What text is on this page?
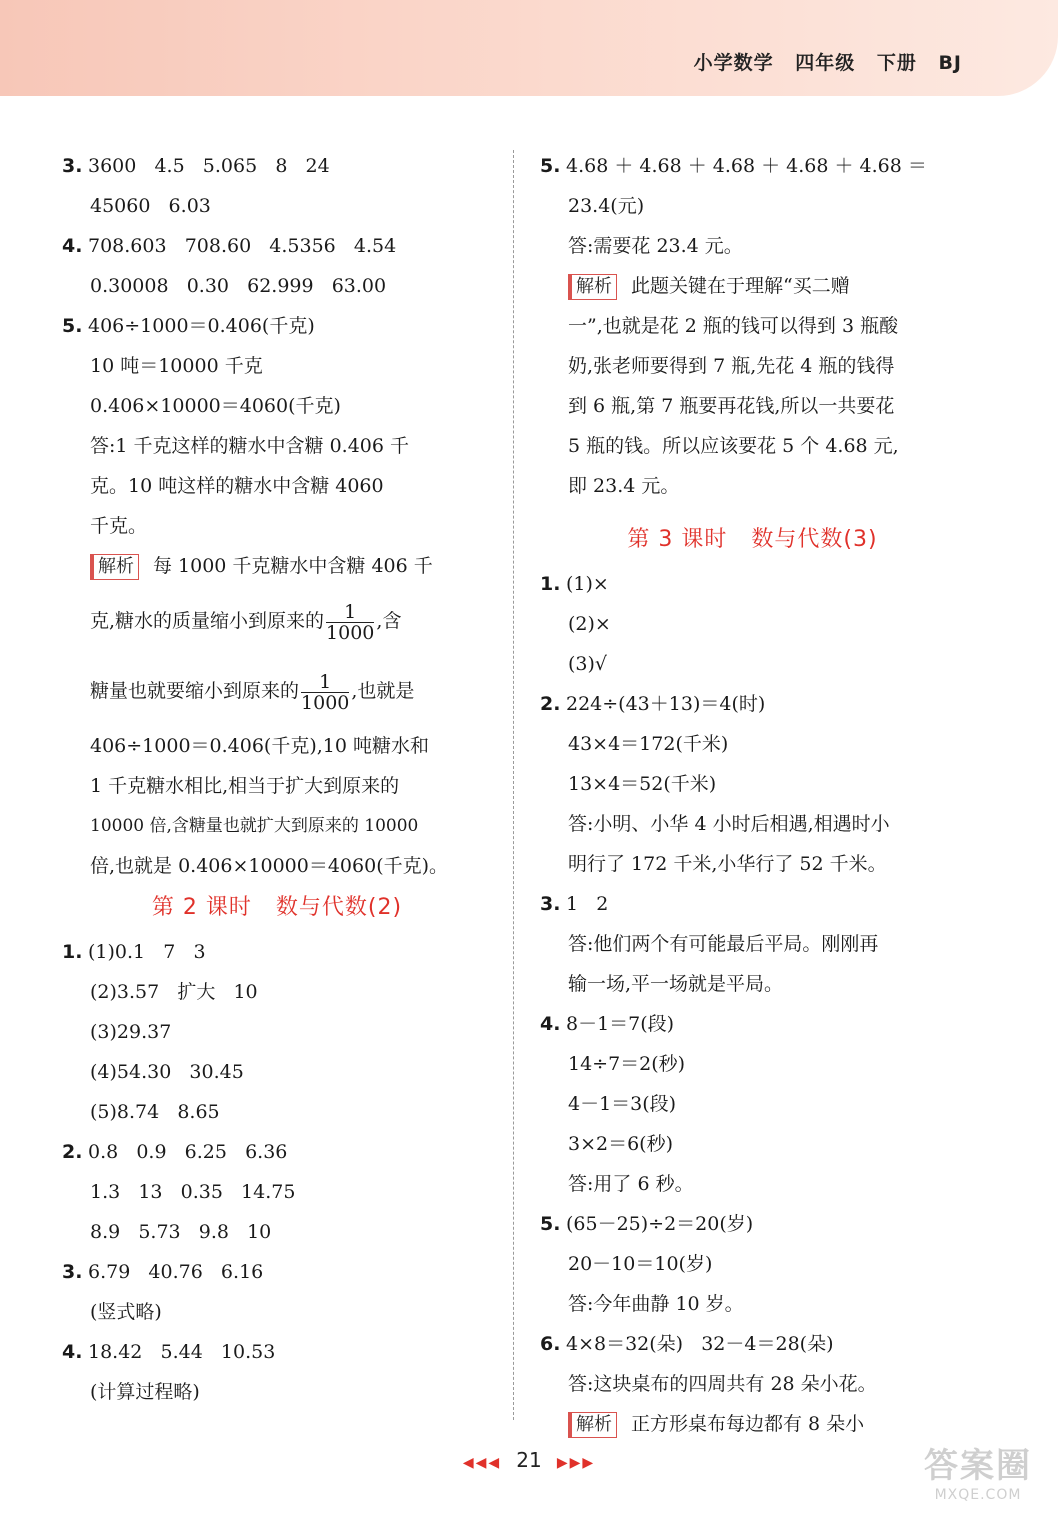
小学数学 四年级 下册 BJ
3. 3600   4.5   5.065   8   24
45060   6.03
4. 708.603   708.60   4.5356   4.54
0.30008   0.30   62.999   63.00
5. 406÷1000＝0.406(千克)
10 吨＝10000 千克
0.406×10000＝4060(千克)
答:1 千克这样的糖水中含糖 0.406 千
克。10 吨这样的糖水中含糖 4060
千克。
解析 每 1000 千克糖水中含糖 406 千
克,糖水的质量缩小到原来的 $\frac{1}{1000}$ ,含
糖量也就要缩小到原来的 $\frac{1}{1000}$ ,也就是
406÷1000＝0.406(千克),10 吨糖水和
1 千克糖水相比,相当于扩大到原来的
10000 倍,含糖量也就扩大到原来的 10000
倍,也就是 0.406×10000＝4060(千克)。
第 2 课时   数与代数(2)
1. (1)0.1   7   3
(2)3.57   扩大   10
(3)29.37
(4)54.30   30.45
(5)8.74   8.65
2. 0.8   0.9   6.25   6.36
1.3   13   0.35   14.75
8.9   5.73   9.8   10
3. 6.79   40.76   6.16
(竖式略)
4. 18.42   5.44   10.53
(计算过程略)
5. 4.68 ＋ 4.68 ＋ 4.68 ＋ 4.68 ＋ 4.68 ＝
23.4(元)
答:需要花 23.4 元。
解析 此题关键在于理解“买二赠
一”,也就是花 2 瓶的钱可以得到 3 瓶酸
奶,张老师要得到 7 瓶,先花 4 瓶的钱得
到 6 瓶,第 7 瓶要再花钱,所以一共要花
5 瓶的钱。所以应该要花 5 个 4.68 元,
即 23.4 元。
第 3 课时   数与代数(3)
1. (1)×
(2)×
(3)√
2. 224÷(43＋13)＝4(时)
43×4＝172(千米)
13×4＝52(千米)
答:小明、小华 4 小时后相遇,相遇时小
明行了 172 千米,小华行了 52 千米。
3. 1   2
答:他们两个有可能最后平局。刚刚再
输一场,平一场就是平局。
4. 8－1＝7(段)
14÷7＝2(秒)
4－1＝3(段)
3×2＝6(秒)
答:用了 6 秒。
5. (65－25)÷2＝20(岁)
20－10＝10(岁)
答:今年曲静 10 岁。
6. 4×8＝32(朵)   32－4＝28(朵)
答:这块桌布的四周共有 28 朵小花。
解析 正方形桌布每边都有 8 朵小
◀◀◀ 21 ▶▶▶	答案圈
MXQE.COM
